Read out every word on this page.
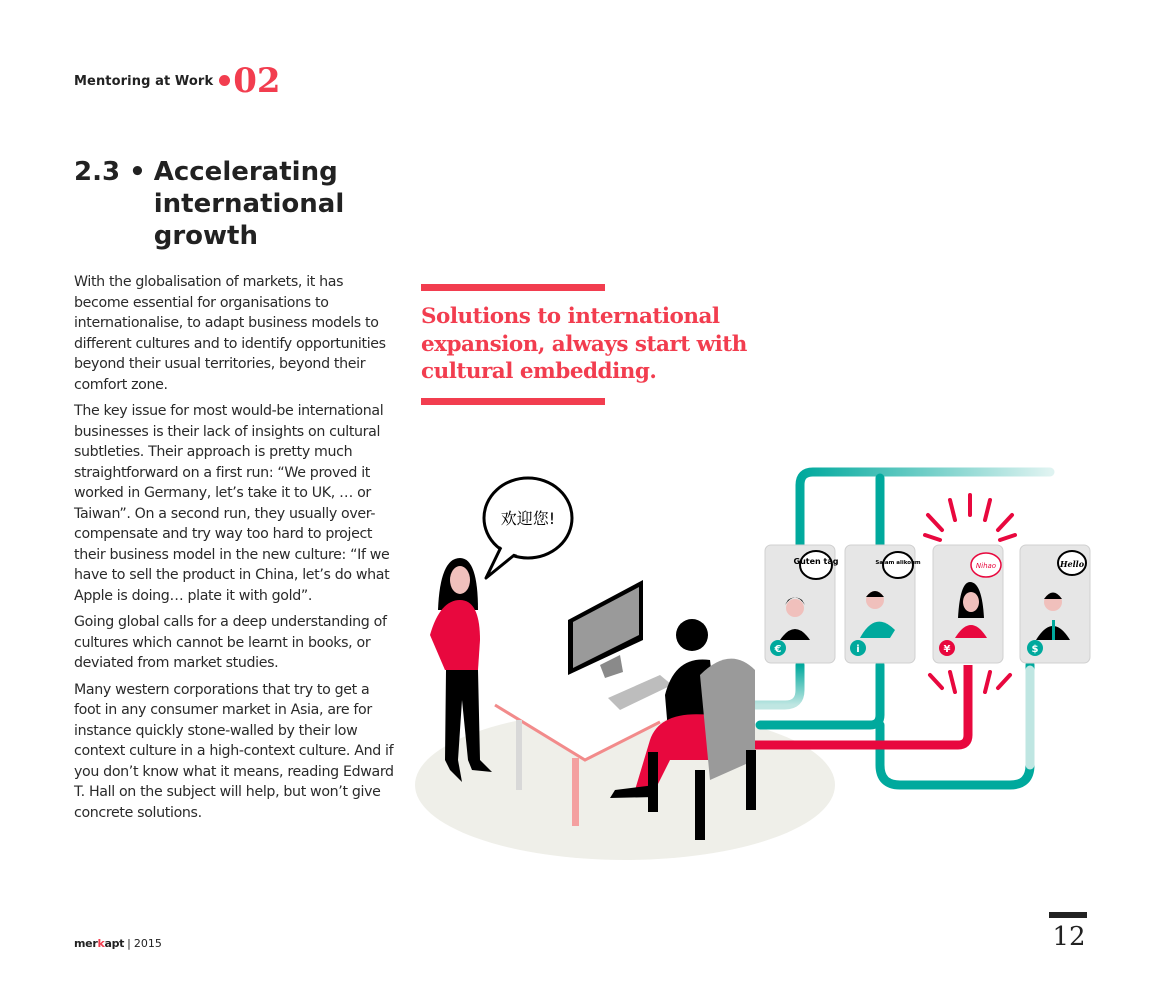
Mentoring at Work 02
2.3 • Accelerating international growth

With the globalisation of markets, it has become essential for organisations to internationalise, to adapt business models to different cultures and to identify opportunities beyond their usual territories, beyond their comfort zone.

The key issue for most would-be international businesses is their lack of insights on cultural subtleties. Their approach is pretty much straightforward on a first run: “We proved it worked in Germany, let’s take it to UK, … or Taiwan”. On a second run, they usually over-compensate and try way too hard to project their business model in the new culture: “If we have to sell the product in China, let’s do what Apple is doing… plate it with gold”.

Going global calls for a deep understanding of cultures which cannot be learnt in books, or deviated from market studies.

Many western corporations that try to get a foot in any consumer market in Asia, are for instance quickly stone-walled by their low context culture in a high-context culture. And if you don’t know what it means, reading Edward T. Hall on the subject will help, but won’t give concrete solutions.

Solutions to international expansion, always start with cultural embedding.
Guten tag
€
Salam alikoum
i
Nihao
¥
Hello
$
欢迎您!
merkapt | 2015	12
